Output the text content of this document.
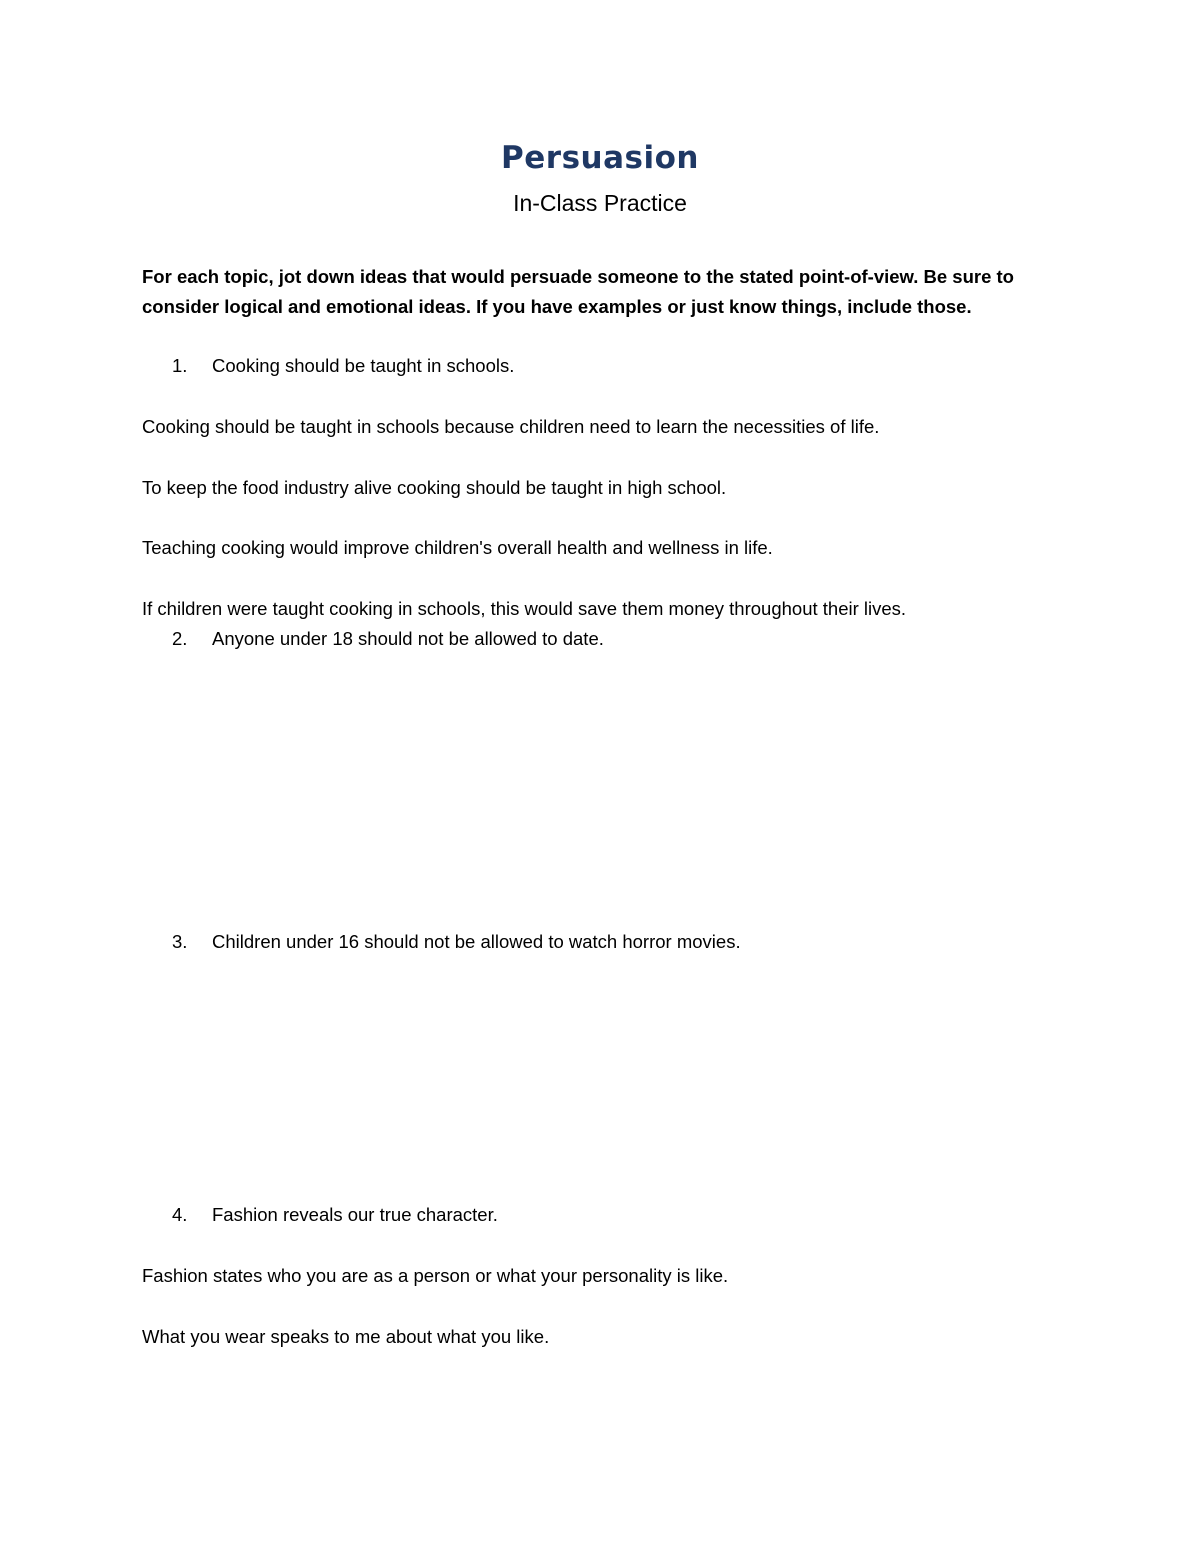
Persuasion
In-Class Practice
For each topic, jot down ideas that would persuade someone to the stated point-of-view. Be sure to consider logical and emotional ideas. If you have examples or just know things, include those.
1. Cooking should be taught in schools.
Cooking should be taught in schools because children need to learn the necessities of life.
To keep the food industry alive cooking should be taught in high school.
Teaching cooking would improve children's overall health and wellness in life.
If children were taught cooking in schools, this would save them money throughout their lives.
2. Anyone under 18 should not be allowed to date.
3. Children under 16 should not be allowed to watch horror movies.
4. Fashion reveals our true character.
Fashion states who you are as a person or what your personality is like.
What you wear speaks to me about what you like.
